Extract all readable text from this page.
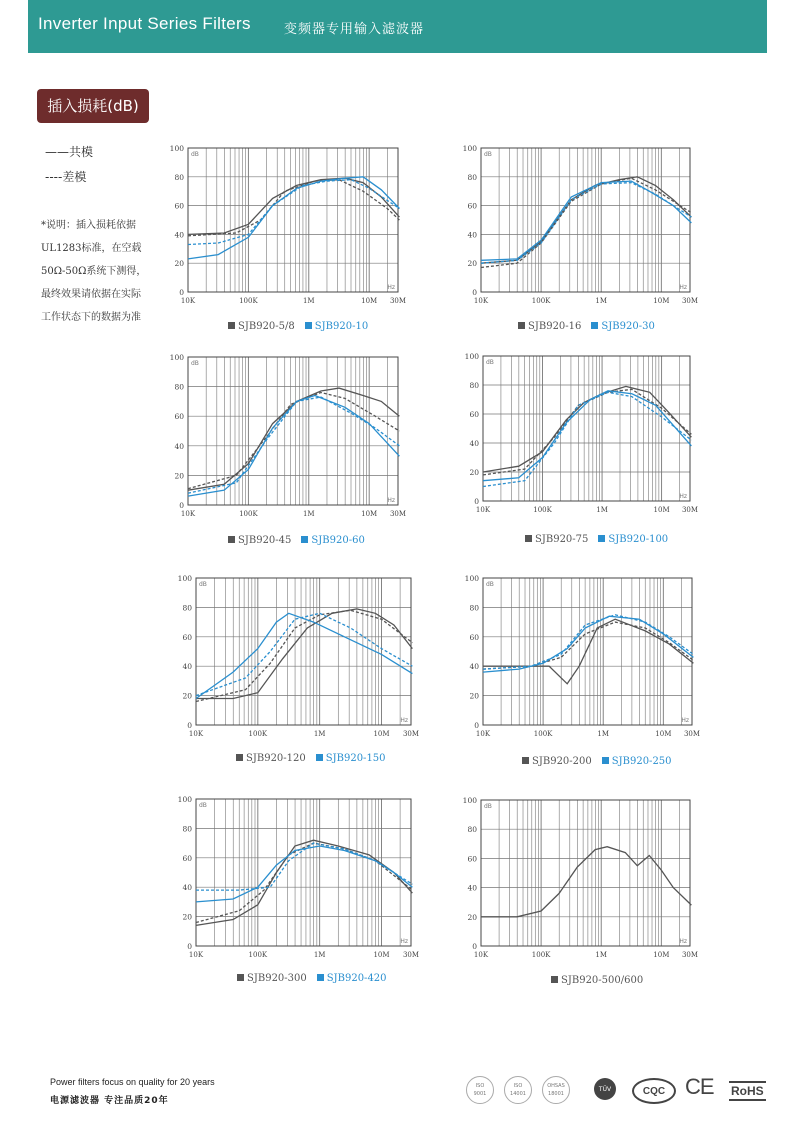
Inverter Input Series Filters	变频器专用输入滤波器
插入损耗(dB)
——共模
----差模
*说明：插入损耗依据
UL1283标准，在空载
50Ω-50Ω系统下测得，
最终效果请依据在实际
工作状态下的数据为准
100
80
60
40
20
0
10K	100K	1M	10M 30M
dB
Hz
SJB920-5/8 SJB920-10
100
80
60
40
20
0
10K	100K	1M	10M 30M
dB
Hz
SJB920-16 SJB920-30
100
80
60
40
20
0
10K	100K	1M	10M 30M
dB
Hz
SJB920-45 SJB920-60
100
80
60
40
20
0
10K	100K	1M	10M 30M
dB
Hz
SJB920-75 SJB920-100
100
80
60
40
20
0
10K	100K	1M	10M 30M
dB
Hz
SJB920-120 SJB920-150
100
80
60
40
20
0
10K	100K	1M	10M 30M
dB
Hz
SJB920-200 SJB920-250
100
80
60
40
20
0
10K	100K	1M	10M 30M
dB
Hz
SJB920-300 SJB920-420
100
80
60
40
20
0
10K	100K	1M	10M 30M
dB
Hz
SJB920-500/600
Power filters focus on quality for 20 years
电源滤波器 专注品质20年
ISO
9001
ISO
14001
OHSAS
18001
TÜV	CQC CE RoHS
